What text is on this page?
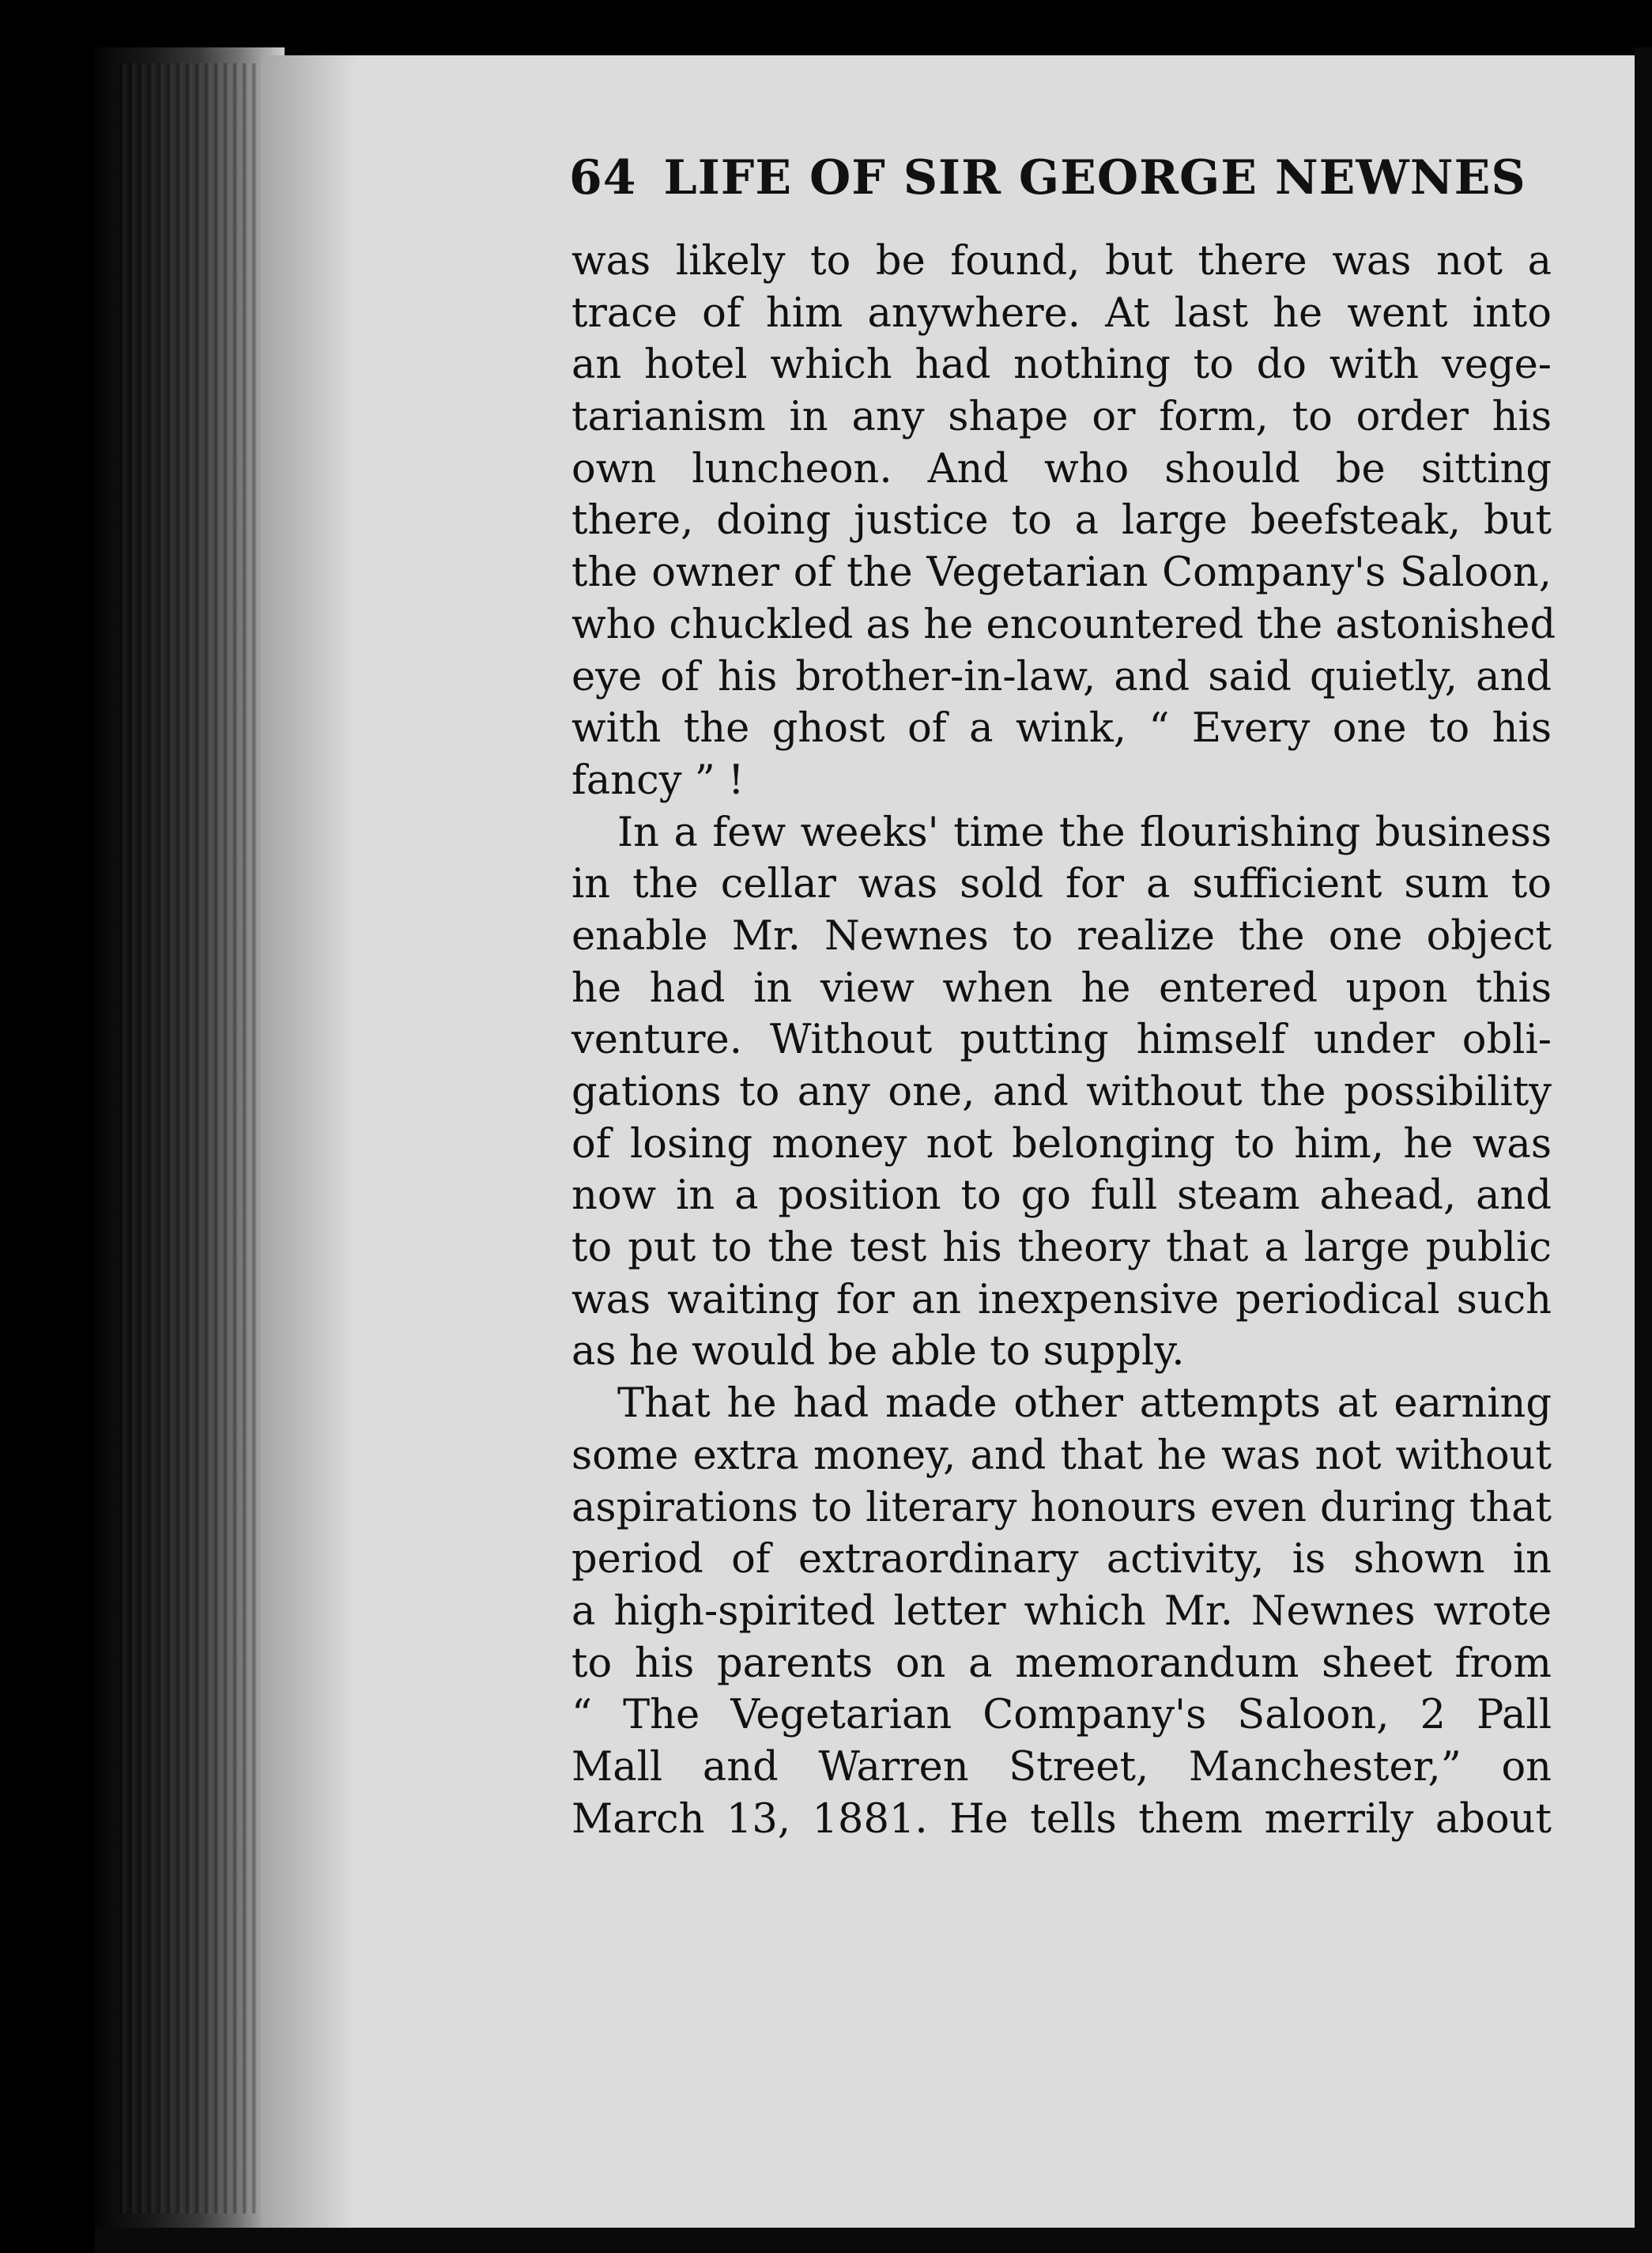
64 LIFE OF SIR GEORGE NEWNES
was likely to be found, but there was not a
trace of him anywhere. At last he went into
an hotel which had nothing to do with vege-
tarianism in any shape or form, to order his
own luncheon. And who should be sitting
there, doing justice to a large beefsteak, but
the owner of the Vegetarian Company's Saloon,
who chuckled as he encountered the astonished
eye of his brother-in-law, and said quietly, and
with the ghost of a wink, “ Every one to his
fancy ” !
In a few weeks' time the flourishing business
in the cellar was sold for a sufficient sum to
enable Mr. Newnes to realize the one object
he had in view when he entered upon this
venture. Without putting himself under obli-
gations to any one, and without the possibility
of losing money not belonging to him, he was
now in a position to go full steam ahead, and
to put to the test his theory that a large public
was waiting for an inexpensive periodical such
as he would be able to supply.
That he had made other attempts at earning
some extra money, and that he was not without
aspirations to literary honours even during that
period of extraordinary activity, is shown in
a high-spirited letter which Mr. Newnes wrote
to his parents on a memorandum sheet from
“ The Vegetarian Company's Saloon, 2 Pall
Mall and Warren Street, Manchester,” on
March 13, 1881. He tells them merrily about
